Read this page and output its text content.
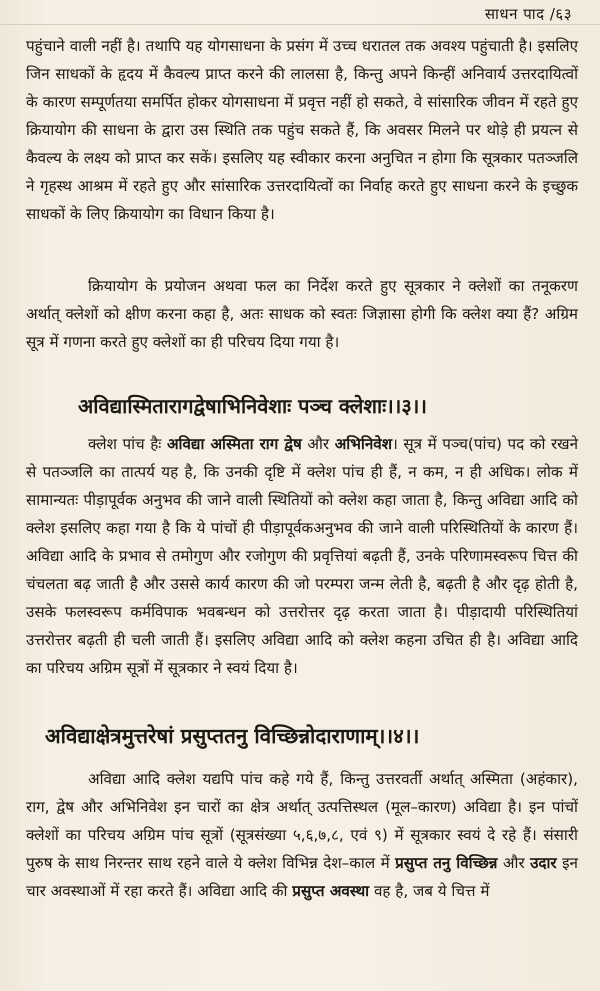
साधन पाद /६३

पहुंचाने वाली नहीं है। तथापि यह योगसाधना के प्रसंग में उच्च धरातल तक अवश्य पहुंचाती है। इसलिए जिन साधकों के हृदय में कैवल्य प्राप्त करने की लालसा है, किन्तु अपने किन्हीं अनिवार्य उत्तरदायित्वों के कारण सम्पूर्णतया समर्पित होकर योगसाधना में प्रवृत्त नहीं हो सकते, वे सांसारिक जीवन में रहते हुए क्रियायोग की साधना के द्वारा उस स्थिति तक पहुंच सकते हैं, कि अवसर मिलने पर थोड़े ही प्रयत्न से कैवल्य के लक्ष्य को प्राप्त कर सकें। इसलिए यह स्वीकार करना अनुचित न होगा कि सूत्रकार पतञ्जलि ने गृहस्थ आश्रम में रहते हुए और सांसारिक उत्तरदायित्वों का निर्वाह करते हुए साधना करने के इच्छुक साधकों के लिए क्रियायोग का विधान किया है।

क्रियायोग के प्रयोजन अथवा फल का निर्देश करते हुए सूत्रकार ने क्लेशों का तनूकरण अर्थात् क्लेशों को क्षीण करना कहा है, अतः साधक को स्वतः जिज्ञासा होगी कि क्लेश क्या हैं? अग्रिम सूत्र में गणना करते हुए क्लेशों का ही परिचय दिया गया है।

अविद्यास्मितारागद्वेषाभिनिवेशाः पञ्च क्लेशाः।।३।।

क्लेश पांच हैः अविद्या अस्मिता राग द्वेष और अभिनिवेश। सूत्र में पञ्च(पांच) पद को रखने से पतञ्जलि का तात्पर्य यह है, कि उनकी दृष्टि में क्लेश पांच ही हैं, न कम, न ही अधिक। लोक में सामान्यतः पीड़ापूर्वक अनुभव की जाने वाली स्थितियों को क्लेश कहा जाता है, किन्तु अविद्या आदि को क्लेश इसलिए कहा गया है कि ये पांचों ही पीड़ापूर्वकअनुभव की जाने वाली परिस्थितियों के कारण हैं। अविद्या आदि के प्रभाव से तमोगुण और रजोगुण की प्रवृत्तियां बढ़ती हैं, उनके परिणामस्वरूप चित्त की चंचलता बढ़ जाती है और उससे कार्य कारण की जो परम्परा जन्म लेती है, बढ़ती है और दृढ़ होती है, उसके फलस्वरूप कर्मविपाक भवबन्धन को उत्तरोत्तर दृढ़ करता जाता है। पीड़ादायी परिस्थितियां उत्तरोत्तर बढ़ती ही चली जाती हैं। इसलिए अविद्या आदि को क्लेश कहना उचित ही है। अविद्या आदि का परिचय अग्रिम सूत्रों में सूत्रकार ने स्वयं दिया है।

अविद्याक्षेत्रमुत्तरेषां प्रसुप्ततनु विच्छिन्नोदाराणाम्।।४।।

अविद्या आदि क्लेश यद्यपि पांच कहे गये हैं, किन्तु उत्तरवर्ती अर्थात् अस्मिता (अहंकार), राग, द्वेष और अभिनिवेश इन चारों का क्षेत्र अर्थात् उत्पत्तिस्थल (मूल–कारण) अविद्या है। इन पांचों क्लेशों का परिचय अग्रिम पांच सूत्रों (सूत्रसंख्या ५,६,७,८, एवं ९) में सूत्रकार स्वयं दे रहे हैं। संसारी पुरुष के साथ निरन्तर साथ रहने वाले ये क्लेश विभिन्न देश–काल में प्रसुप्त तनु विच्छिन्न और उदार इन चार अवस्थाओं में रहा करते हैं। अविद्या आदि की प्रसुप्त अवस्था वह है, जब ये चित्त में
